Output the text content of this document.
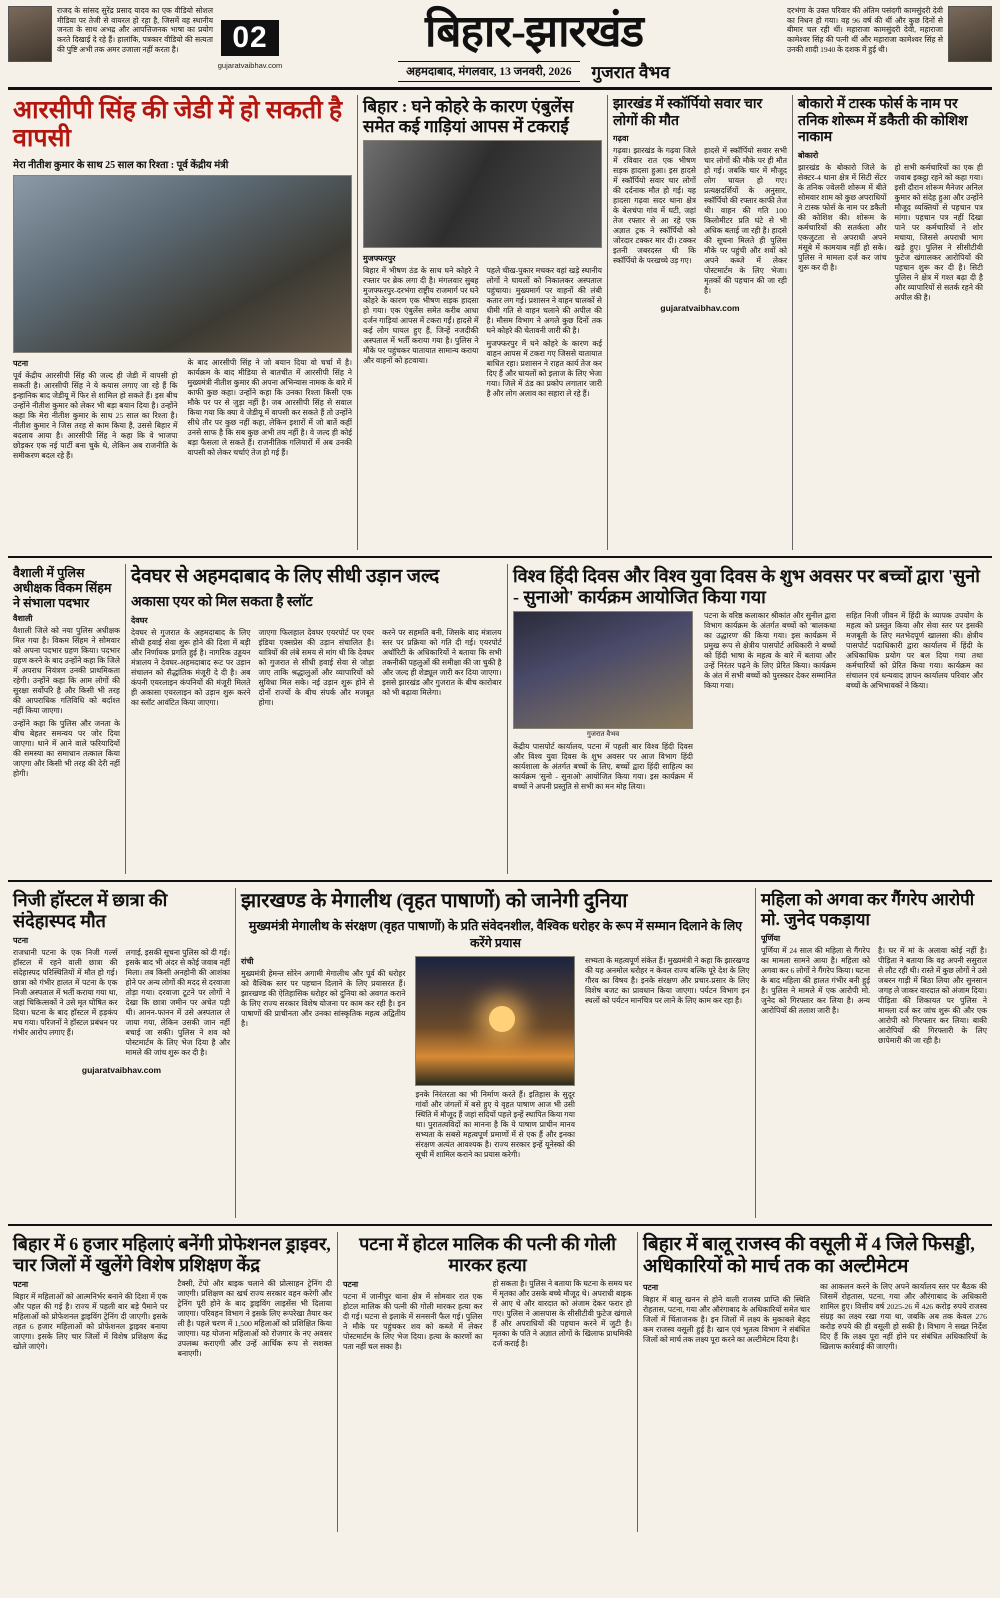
राजद के सांसद सुरेंद्र प्रसाद यादव का एक वीडियो सोशल मीडिया पर तेजी से वायरल हो रहा है, जिसमें वह स्थानीय जनता के साथ अभद्र और आपत्तिजनक भाषा का प्रयोग करते दिखाई दे रहे हैं। हालांकि, पत्रकार वीडियो की सत्यता की पुष्टि अभी तक अमर उजाला नहीं करता है।	02
gujaratvaibhav.com
बिहार-झारखंड
अहमदाबाद, मंगलवार, 13 जनवरी, 2026	गुजरात वैभव

दरभंगा के उक्त परिवार की अंतिम पसंदगी कामसुंदरी देवी का निधन हो गया। वह 96 वर्ष की थीं और कुछ दिनों से बीमार चल रही थीं। महाराजा कामसुंदरी देवी, महाराजा कामेश्वर सिंह की पत्नी थीं और महाराजा कामेश्वर सिंह से उनकी शादी 1940 के दशक में हुई थी।

आरसीपी सिंह की जेडी में हो सकती है वापसी
मेरा नीतीश कुमार के साथ 25 साल का रिश्ता : पूर्व केंद्रीय मंत्री
पटना

पूर्व केंद्रीय आरसीपी सिंह की जल्द ही जेडी में वापसी हो सकती है। आरसीपी सिंह ने ये कयास लगाए जा रहे हैं कि इन्हानिक बाद जेडीयू में फिर से शामिल हो सकते हैं। इस बीच उन्होंने नीतीश कुमार को लेकर भी बड़ा बयान दिया है। उन्होंने कहा कि मेरा नीतीश कुमार के साथ 25 साल का रिश्ता है। नीतीश कुमार ने जिस तरह से काम किया है, उससे बिहार में बदलाव आया है। आरसीपी सिंह ने कहा कि वे भाजपा छोड़कर एक नई पार्टी बना चुके थे, लेकिन अब राजनीति के समीकरण बदल रहे हैं।

के बाद आरसीपी सिंह ने जो बयान दिया वो चर्चा में है। कार्यक्रम के बाद मीडिया से बातचीत में आरसीपी सिंह ने मुख्यमंत्री नीतीश कुमार की अपना अभिन्यास नामक के बारे में काफी कुछ कहा। उन्होंने कहा कि उनका रिश्ता किसी एक मौके पर पर से जुड़ा नहीं है। जब आरसीपी सिंह से सवाल किया गया कि क्या वे जेडीयू में वापसी कर सकते हैं तो उन्होंने सीधे तौर पर कुछ नहीं कहा, लेकिन इशारों में जो बातें कहीं उनसे साफ है कि सब कुछ अभी तय नहीं है। वे जल्द ही कोई बड़ा फैसला ले सकते हैं। राजनीतिक गलियारों में अब उनकी वापसी को लेकर चर्चाएं तेज हो गई हैं।

बिहार : घने कोहरे के कारण एंबुलेंस समेत कई गाड़ियां आपस में टकराईं
मुजफ्फरपुर

बिहार में भीषण ठंड के साथ घने कोहरे ने रफ्तार पर ब्रेक लगा दी है। मंगलवार सुबह मुजफ्फरपुर-दरभंगा राष्ट्रीय राजमार्ग पर घने कोहरे के कारण एक भीषण सड़क हादसा हो गया। एक एंबुलेंस समेत करीब आधा दर्जन गाड़ियां आपस में टकरा गईं। हादसे में कई लोग घायल हुए हैं, जिन्हें नजदीकी अस्पताल में भर्ती कराया गया है। पुलिस ने मौके पर पहुंचकर यातायात सामान्य कराया और वाहनों को हटवाया।

पहले चीख-पुकार मचकर वहां खड़े स्थानीय लोगों ने घायलों को निकालकर अस्पताल पहुंचाया। मुख्यमार्ग पर वाहनों की लंबी कतार लग गई। प्रशासन ने वाहन चालकों से धीमी गति से वाहन चलाने की अपील की है। मौसम विभाग ने अगले कुछ दिनों तक घने कोहरे की चेतावनी जारी की है।

मुजफ्फरपुर में घने कोहरे के कारण कई वाहन आपस में टकरा गए जिससे यातायात बाधित रहा। प्रशासन ने राहत कार्य तेज कर दिए हैं और घायलों को इलाज के लिए भेजा गया। जिले में ठंड का प्रकोप लगातार जारी है और लोग अलाव का सहारा ले रहे हैं।

झारखंड में स्कॉर्पियो सवार चार लोगों की मौत
गढ़वा

गढ़वा। झारखंड के गढ़वा जिले में रविवार रात एक भीषण सड़क हादसा हुआ। इस हादसे में स्कॉर्पियो सवार चार लोगों की दर्दनाक मौत हो गई। यह हादसा गढ़वा सदर थाना क्षेत्र के बेलचंपा गांव में घटी, जहां तेज रफ्तार से आ रहे एक अज्ञात ट्रक ने स्कॉर्पियो को जोरदार टक्कर मार दी। टक्कर इतनी जबरदस्त थी कि स्कॉर्पियो के परखच्चे उड़ गए।

हादसे में स्कॉर्पियो सवार सभी चार लोगों की मौके पर ही मौत हो गई। जबकि चार में मौजूद लोग घायल हो गए। प्रत्यक्षदर्शियों के अनुसार, स्कॉर्पियो की रफ्तार काफी तेज थी। वाहन की गति 100 किलोमीटर प्रति घंटे से भी अधिक बताई जा रही है। हादसे की सूचना मिलते ही पुलिस मौके पर पहुंची और शवों को अपने कब्जे में लेकर पोस्टमार्टम के लिए भेजा। मृतकों की पहचान की जा रही है।

gujaratvaibhav.com
बोकारो में टास्क फोर्स के नाम पर तनिक शोरूम में डकैती की कोशिश नाकाम
बोकारो

झारखंड के बोकारो जिले के सेक्टर-4 थाना क्षेत्र में सिटी सेंटर के तनिक ज्वेलरी शोरूम में बीते सोमवार शाम को कुछ अपराधियों ने टास्क फोर्स के नाम पर डकैती की कोशिश की। शोरूम के कर्मचारियों की सतर्कता और एकजुटता से अपराधी अपने मंसूबे में कामयाब नहीं हो सके। पुलिस ने मामला दर्ज कर जांच शुरू कर दी है।

हो सभी कर्मचारियों का एक ही जवाब इकट्ठा रहने को कहा गया। इसी दौरान शोरूम मैनेजर अनिल कुमार को संदेह हुआ और उन्होंने मौजूद व्यक्तियों से पहचान पत्र मांगा। पहचान पत्र नहीं दिखा पाने पर कर्मचारियों ने शोर मचाया, जिससे अपराधी भाग खड़े हुए। पुलिस ने सीसीटीवी फुटेज खंगालकर आरोपियों की पहचान शुरू कर दी है। सिटी पुलिस ने क्षेत्र में गश्त बढ़ा दी है और व्यापारियों से सतर्क रहने की अपील की है।

वैशाली में पुलिस अधीक्षक विकम सिंहम ने संभाला पदभार
वैशाली

वैशाली जिले को नया पुलिस अधीक्षक मिल गया है। विकम सिंहम ने सोमवार को अपना पदभार ग्रहण किया। पदभार ग्रहण करने के बाद उन्होंने कहा कि जिले में अपराध नियंत्रण उनकी प्राथमिकता रहेगी। उन्होंने कहा कि आम लोगों की सुरक्षा सर्वोपरि है और किसी भी तरह की आपराधिक गतिविधि को बर्दाश्त नहीं किया जाएगा।

उन्होंने कहा कि पुलिस और जनता के बीच बेहतर समन्वय पर जोर दिया जाएगा। थाने में आने वाले फरियादियों की समस्या का समाधान तत्काल किया जाएगा और किसी भी तरह की देरी नहीं होगी।

देवघर से अहमदाबाद के लिए सीधी उड़ान जल्द
अकासा एयर को मिल सकता है स्लॉट
देवघर

देवघर से गुजरात के अहमदाबाद के लिए सीधी हवाई सेवा शुरू होने की दिशा में बड़ी और निर्णायक प्रगति हुई है। नागरिक उड्डयन मंत्रालय ने देवघर-अहमदाबाद रूट पर उड़ान संचालन को सैद्धांतिक मंजूरी दे दी है। अब कंपनी एयरलाइन कंपनियों की मंजूरी मिलते ही अकासा एयरलाइन को उड़ान शुरू करने का स्लॉट आवंटित किया जाएगा।

जाएगा फिलहाल देवघर एयरपोर्ट पर एयर इंडिया एक्सप्रेस की उड़ान संचालित है। यात्रियों की लंबे समय से मांग थी कि देवघर को गुजरात से सीधी हवाई सेवा से जोड़ा जाए ताकि श्रद्धालुओं और व्यापारियों को सुविधा मिल सके। नई उड़ान शुरू होने से दोनों राज्यों के बीच संपर्क और मजबूत होगा।

करने पर सहमति बनी, जिसके बाद मंत्रालय स्तर पर प्रक्रिया को गति दी गई। एयरपोर्ट अथॉरिटी के अधिकारियों ने बताया कि सभी तकनीकी पहलुओं की समीक्षा की जा चुकी है और जल्द ही शेड्यूल जारी कर दिया जाएगा। इससे झारखंड और गुजरात के बीच कारोबार को भी बढ़ावा मिलेगा।

विश्व हिंदी दिवस और विश्व युवा दिवस के शुभ अवसर पर बच्चों द्वारा 'सुनो - सुनाओ' कार्यक्रम आयोजित किया गया
गुजरात वैभव

केंद्रीय पासपोर्ट कार्यालय, पटना में पहली बार विश्व हिंदी दिवस और विश्व युवा दिवस के शुभ अवसर पर आज विभाग हिंदी कार्यशाला के अंतर्गत बच्चों के लिए, बच्चों द्वारा हिंदी साहित्य का कार्यक्रम 'सुनो - सुनाओ' आयोजित किया गया। इस कार्यक्रम में बच्चों ने अपनी प्रस्तुति से सभी का मन मोह लिया।

पटना के वरिष्ठ कलाकार श्रीकांत और सुनील द्वारा विभाग कार्यक्रम के अंतर्गत बच्चों को 'बालकथा का उद्धारण' की किया गया। इस कार्यक्रम में प्रमुख रूप से क्षेत्रीय पासपोर्ट अधिकारी ने बच्चों को हिंदी भाषा के महत्व के बारे में बताया और उन्हें निरंतर पढ़ने के लिए प्रेरित किया। कार्यक्रम के अंत में सभी बच्चों को पुरस्कार देकर सम्मानित किया गया।

सहित निजी जीवन में हिंदी के व्यापक उपयोग के महत्व को प्रस्तुत किया और सेवा स्तर पर इसकी मजबूती के लिए मतभेदपूर्ण खालसा की। क्षेत्रीय पासपोर्ट पदाधिकारी द्वारा कार्यालय में हिंदी के अधिकाधिक प्रयोग पर बल दिया गया तथा कर्मचारियों को प्रेरित किया गया। कार्यक्रम का संचालन एवं धन्यवाद ज्ञापन कार्यालय परिवार और बच्चों के अभिभावकों ने किया।

निजी हॉस्टल में छात्रा की संदेहास्पद मौत
पटना

राजधानी पटना के एक निजी गर्ल्स हॉस्टल में रहने वाली छात्रा की संदेहास्पद परिस्थितियों में मौत हो गई। छात्रा को गंभीर हालत में पटना के एक निजी अस्पताल में भर्ती कराया गया था, जहां चिकित्सकों ने उसे मृत घोषित कर दिया। घटना के बाद हॉस्टल में हड़कंप मच गया। परिजनों ने हॉस्टल प्रबंधन पर गंभीर आरोप लगाए हैं।

लगाई, इसकी सूचना पुलिस को दी गई। इसके बाद भी अंदर से कोई जवाब नहीं मिला। तब किसी अनहोनी की आशंका होने पर अन्य लोगों की मदद से दरवाजा तोड़ा गया। दरवाजा टूटने पर लोगों ने देखा कि छात्रा जमीन पर अचेत पड़ी थी। आनन-फानन में उसे अस्पताल ले जाया गया, लेकिन उसकी जान नहीं बचाई जा सकी। पुलिस ने शव को पोस्टमार्टम के लिए भेज दिया है और मामले की जांच शुरू कर दी है।

gujaratvaibhav.com
झारखण्ड के मेगालीथ (वृहत पाषाणों) को जानेगी दुनिया
मुख्यमंत्री मेगालीथ के संरक्षण (वृहत पाषाणों) के प्रति संवेदनशील, वैश्विक धरोहर के रूप में सम्मान दिलाने के लिए करेंगे प्रयास
रांची

मुख्यमंत्री हेमन्त सोरेन अगामी मेगालीथ और पूर्व की धरोहर को वैश्विक स्तर पर पहचान दिलाने के लिए प्रयासरत हैं। झारखण्ड की ऐतिहासिक धरोहर को दुनिया को अवगत कराने के लिए राज्य सरकार विशेष योजना पर काम कर रही है। इन पाषाणों की प्राचीनता और उनका सांस्कृतिक महत्व अद्वितीय है।

इनके निरंतरता का भी निर्माण करते हैं। इतिहास के सुदूर गांवों और जंगलों में बसे हुए ये वृहत पाषाण आज भी उसी स्थिति में मौजूद हैं जहां सदियों पहले इन्हें स्थापित किया गया था। पुरातत्वविदों का मानना है कि ये पाषाण प्राचीन मानव सभ्यता के सबसे महत्वपूर्ण प्रमाणों में से एक हैं और इनका संरक्षण अत्यंत आवश्यक है। राज्य सरकार इन्हें यूनेस्को की सूची में शामिल कराने का प्रयास करेगी।

सभ्यता के महत्वपूर्ण संकेत हैं। मुख्यमंत्री ने कहा कि झारखण्ड की यह अनमोल धरोहर न केवल राज्य बल्कि पूरे देश के लिए गौरव का विषय है। इनके संरक्षण और प्रचार-प्रसार के लिए विशेष बजट का प्रावधान किया जाएगा। पर्यटन विभाग इन स्थलों को पर्यटन मानचित्र पर लाने के लिए काम कर रहा है।

महिला को अगवा कर गैंगरेप आरोपी मो. जुनेद पकड़ाया
पूर्णिया

पूर्णिया में 24 साल की महिला से गैंगरेप का मामला सामने आया है। महिला को अगवा कर 6 लोगों ने गैंगरेप किया। घटना के बाद महिला की हालत गंभीर बनी हुई है। पुलिस ने मामले में एक आरोपी मो. जुनेद को गिरफ्तार कर लिया है। अन्य आरोपियों की तलाश जारी है।

है। घर में मां के अलावा कोई नहीं है। पीड़िता ने बताया कि वह अपनी ससुराल से लौट रही थी। रास्ते में कुछ लोगों ने उसे जबरन गाड़ी में बिठा लिया और सुनसान जगह ले जाकर वारदात को अंजाम दिया। पीड़िता की शिकायत पर पुलिस ने मामला दर्ज कर जांच शुरू की और एक आरोपी को गिरफ्तार कर लिया। बाकी आरोपियों की गिरफ्तारी के लिए छापेमारी की जा रही है।

बिहार में 6 हजार महिलाएं बनेंगी प्रोफेशनल ड्राइवर, चार जिलों में खुलेंगे विशेष प्रशिक्षण केंद्र
पटना

बिहार में महिलाओं को आत्मनिर्भर बनाने की दिशा में एक और पहल की गई है। राज्य में पहली बार बड़े पैमाने पर महिलाओं को प्रोफेशनल ड्राइविंग ट्रेनिंग दी जाएगी। इसके तहत 6 हजार महिलाओं को प्रोफेशनल ड्राइवर बनाया जाएगा। इसके लिए चार जिलों में विशेष प्रशिक्षण केंद्र खोले जाएंगे।

टैक्सी, टेंपो और बाइक चलाने की प्रोत्साहन ट्रेनिंग दी जाएगी। प्रशिक्षण का खर्च राज्य सरकार वहन करेगी और ट्रेनिंग पूरी होने के बाद ड्राइविंग लाइसेंस भी दिलाया जाएगा। परिवहन विभाग ने इसके लिए रूपरेखा तैयार कर ली है। पहले चरण में 1,500 महिलाओं को प्रशिक्षित किया जाएगा। यह योजना महिलाओं को रोजगार के नए अवसर उपलब्ध कराएगी और उन्हें आर्थिक रूप से सशक्त बनाएगी।

पटना में होटल मालिक की पत्नी की गोली मारकर हत्या
पटना

पटना में जानीपुर थाना क्षेत्र में सोमवार रात एक होटल मालिक की पत्नी की गोली मारकर हत्या कर दी गई। घटना से इलाके में सनसनी फैल गई। पुलिस ने मौके पर पहुंचकर शव को कब्जे में लेकर पोस्टमार्टम के लिए भेज दिया। हत्या के कारणों का पता नहीं चल सका है।

हो सकता है। पुलिस ने बताया कि घटना के समय घर में मृतका और उसके बच्चे मौजूद थे। अपराधी बाइक से आए थे और वारदात को अंजाम देकर फरार हो गए। पुलिस ने आसपास के सीसीटीवी फुटेज खंगाले हैं और अपराधियों की पहचान करने में जुटी है। मृतका के पति ने अज्ञात लोगों के खिलाफ प्राथमिकी दर्ज कराई है।

बिहार में बालू राजस्व की वसूली में 4 जिले फिसड्डी, अधिकारियों को मार्च तक का अल्टीमेटम
पटना

बिहार में बालू खनन से होने वाली राजस्व प्राप्ति की स्थिति रोहतास, पटना, गया और औरंगाबाद के अधिकारियों समेत चार जिलों में चिंताजनक है। इन जिलों में लक्ष्य के मुकाबले बेहद कम राजस्व वसूली हुई है। खान एवं भूतत्व विभाग ने संबंधित जिलों को मार्च तक लक्ष्य पूरा करने का अल्टीमेटम दिया है।

का आकलन करने के लिए अपने कार्यालय स्तर पर बैठक की जिसमें रोहतास, पटना, गया और औरंगाबाद के अधिकारी शामिल हुए। वित्तीय वर्ष 2025-26 में 426 करोड़ रुपये राजस्व संग्रह का लक्ष्य रखा गया था, जबकि अब तक केवल 276 करोड़ रुपये की ही वसूली हो सकी है। विभाग ने सख्त निर्देश दिए हैं कि लक्ष्य पूरा नहीं होने पर संबंधित अधिकारियों के खिलाफ कार्रवाई की जाएगी।
